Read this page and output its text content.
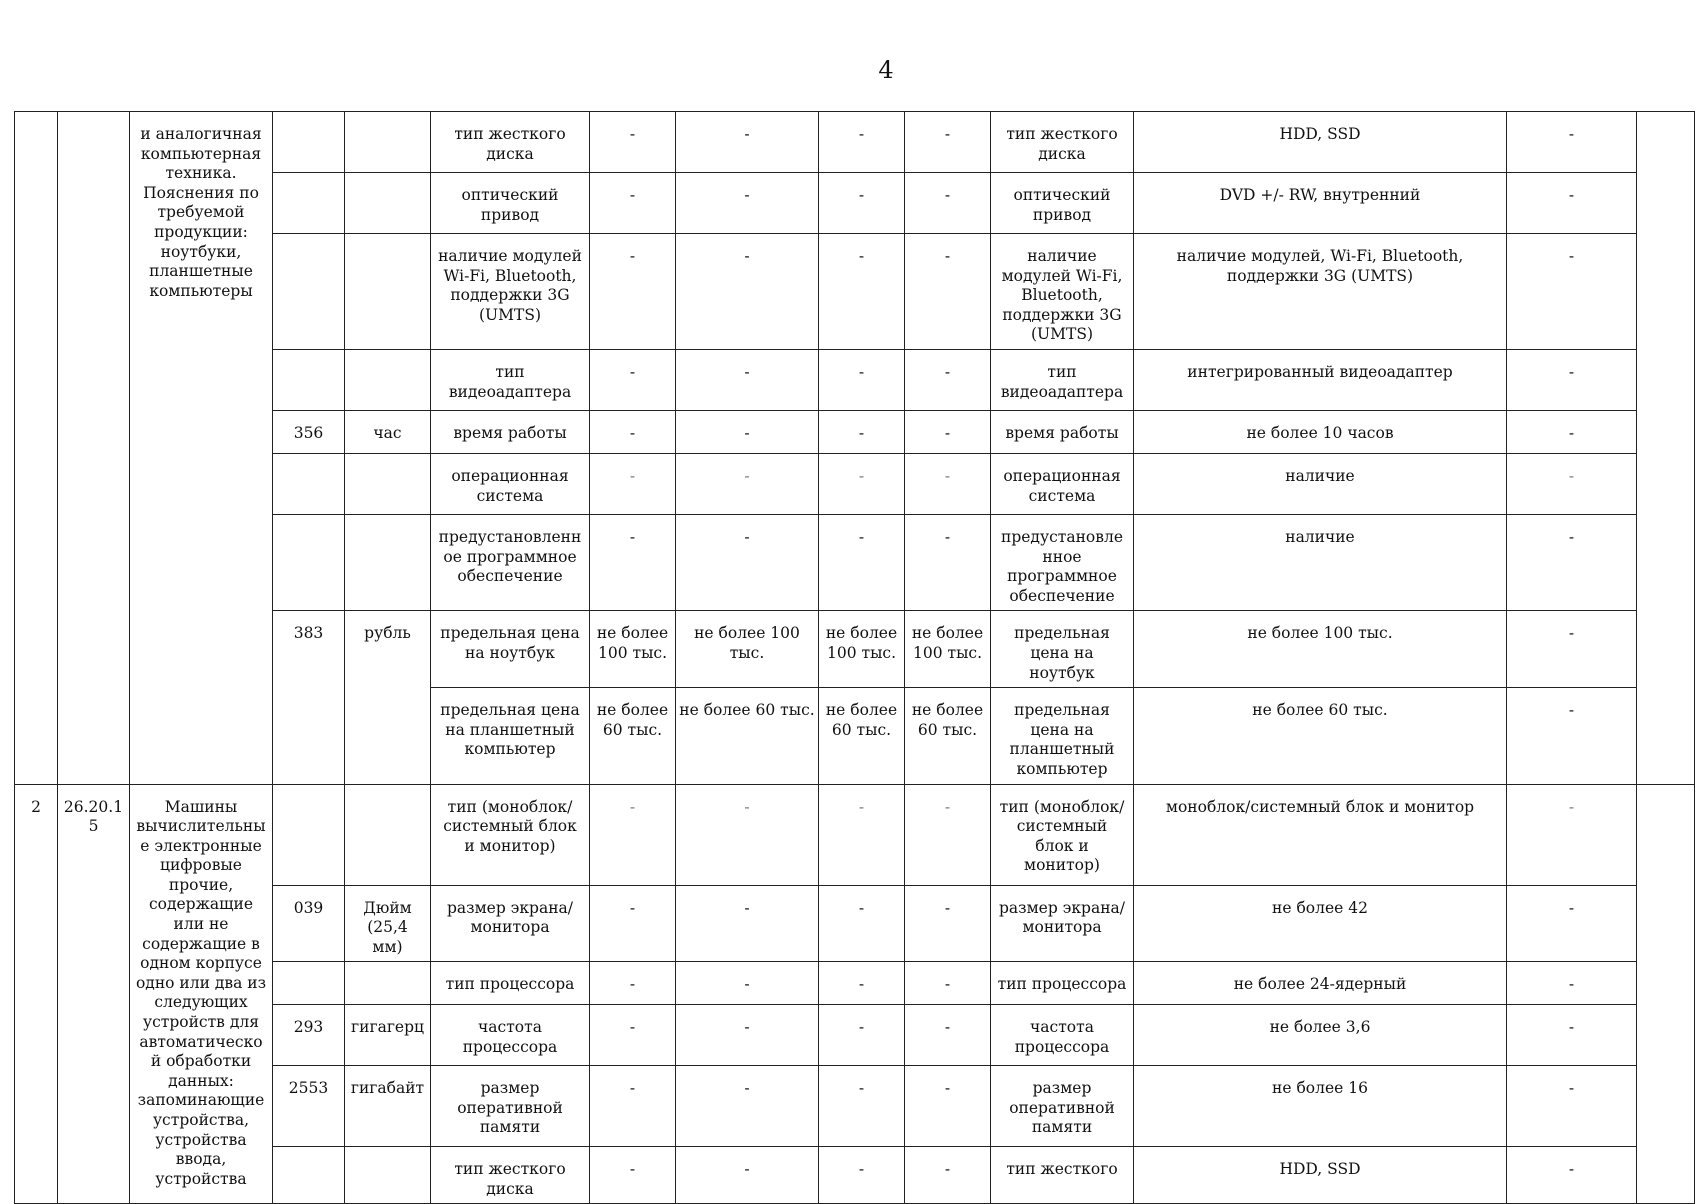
4
		и аналогичная компьютерная техника. Пояснения по требуемой продукции: ноутбуки, планшетные компьютеры			тип жесткого диска	-	-	-	-	тип жесткого диска	HDD, SSD	-	
					оптический привод	-	-	-	-	оптический привод	DVD +/- RW, внутренний	-	
					наличие модулей Wi-Fi, Bluetooth, поддержки 3G (UMTS)	-	-	-	-	наличие модулей Wi-Fi, Bluetooth, поддержки 3G (UMTS)	наличие модулей, Wi-Fi, Bluetooth, поддержки 3G (UMTS)	-	
					тип видеоадаптера	-	-	-	-	тип видеоадаптера	интегрированный видеоадаптер	-	
			356	час	время работы	-	-	-	-	время работы	не более 10 часов	-	
					операционная система	-	-	-	-	операционная система	наличие	-	
					предустановленное программное обеспечение	-	-	-	-	предустановленное программное обеспечение	наличие	-	
			383	рубль	предельная цена на ноутбук	не более 100 тыс.	не более 100 тыс.	не более 100 тыс.	не более 100 тыс.	предельная цена на ноутбук	не более 100 тыс.	-	
					предельная цена на планшетный компьютер	не более 60 тыс.	не более 60 тыс.	не более 60 тыс.	не более 60 тыс.	предельная цена на планшетный компьютер	не более 60 тыс.	-	
2	26.20.15	Машины вычислительные электронные цифровые прочие, содержащие или не содержащие в одном корпусе одно или два из следующих устройств для автоматической обработки данных: запоминающие устройства, устройства ввода, устройства			тип (моноблок/системный блок и монитор)	-	-	-	-	тип (моноблок/системный блок и монитор)	моноблок/системный блок и монитор	-	
			039	Дюйм (25,4 мм)	размер экрана/монитора	-	-	-	-	размер экрана/монитора	не более 42	-	
					тип процессора	-	-	-	-	тип процессора	не более 24-ядерный	-	
			293	гигагерц	частота процессора	-	-	-	-	частота процессора	не более 3,6	-	
			2553	гигабайт	размер оперативной памяти	-	-	-	-	размер оперативной памяти	не более 16	-	
					тип жесткого диска	-	-	-	-	тип жесткого	HDD, SSD	-	
